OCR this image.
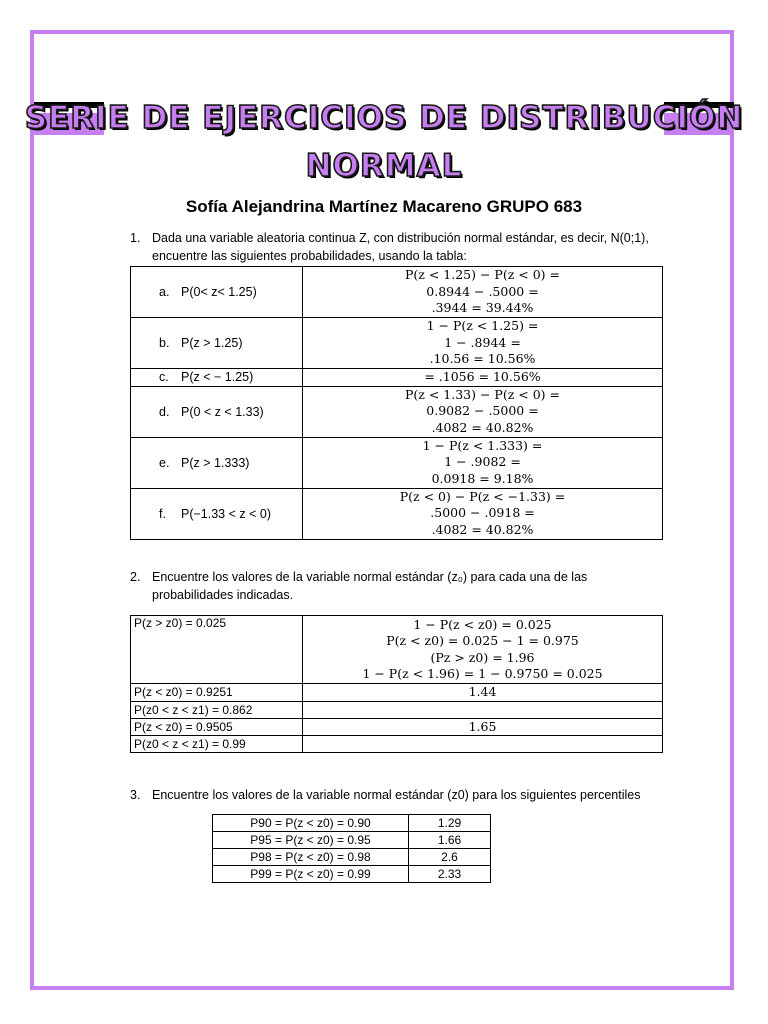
SERIE DE EJERCICIOS DE DISTRIBUCIÓN
NORMAL
Sofía Alejandrina Martínez Macareno GRUPO 683
1. Dada una variable aleatoria continua Z, con distribución normal estándar, es decir, N(0;1), encuentre las siguientes probabilidades, usando la tabla:
a. P(0< z< 1.25)	P(z < 1.25) − P(z < 0) =
0.8944 − .5000 =
.3944 = 39.44%

b. P(z > 1.25)	1 − P(z < 1.25) =
1 − .8944 =
.10.56 = 10.56%

c. P(z < − 1.25)	= .1056 = 10.56%

d. P(0 < z < 1.33)	P(z < 1.33) − P(z < 0) =
0.9082 − .5000 =
.4082 = 40.82%

e. P(z > 1.333)	1 − P(z < 1.333) =
1 − .9082 =
0.0918 = 9.18%

f. P(−1.33 < z < 0)	P(z < 0) − P(z < −1.33) =
.5000 − .0918 =
.4082 = 40.82%
2. Encuentre los valores de la variable normal estándar (z₀) para cada una de las probabilidades indicadas.
P(z > z0) = 0.025	1 − P(z < z0) = 0.025
P(z < z0) = 0.025 − 1 = 0.975
(Pz > z0) = 1.96
1 − P(z < 1.96) = 1 − 0.9750 = 0.025

P(z < z0) = 0.9251	1.44

P(z0 < z < z1) = 0.862	

P(z < z0) = 0.9505	1.65

P(z0 < z < z1) = 0.99	
3. Encuentre los valores de la variable normal estándar (z0) para los siguientes percentiles
P90 = P(z < z0) = 0.90	1.29
P95 = P(z < z0) = 0.95	1.66
P98 = P(z < z0) = 0.98	2.6
P99 = P(z < z0) = 0.99	2.33
